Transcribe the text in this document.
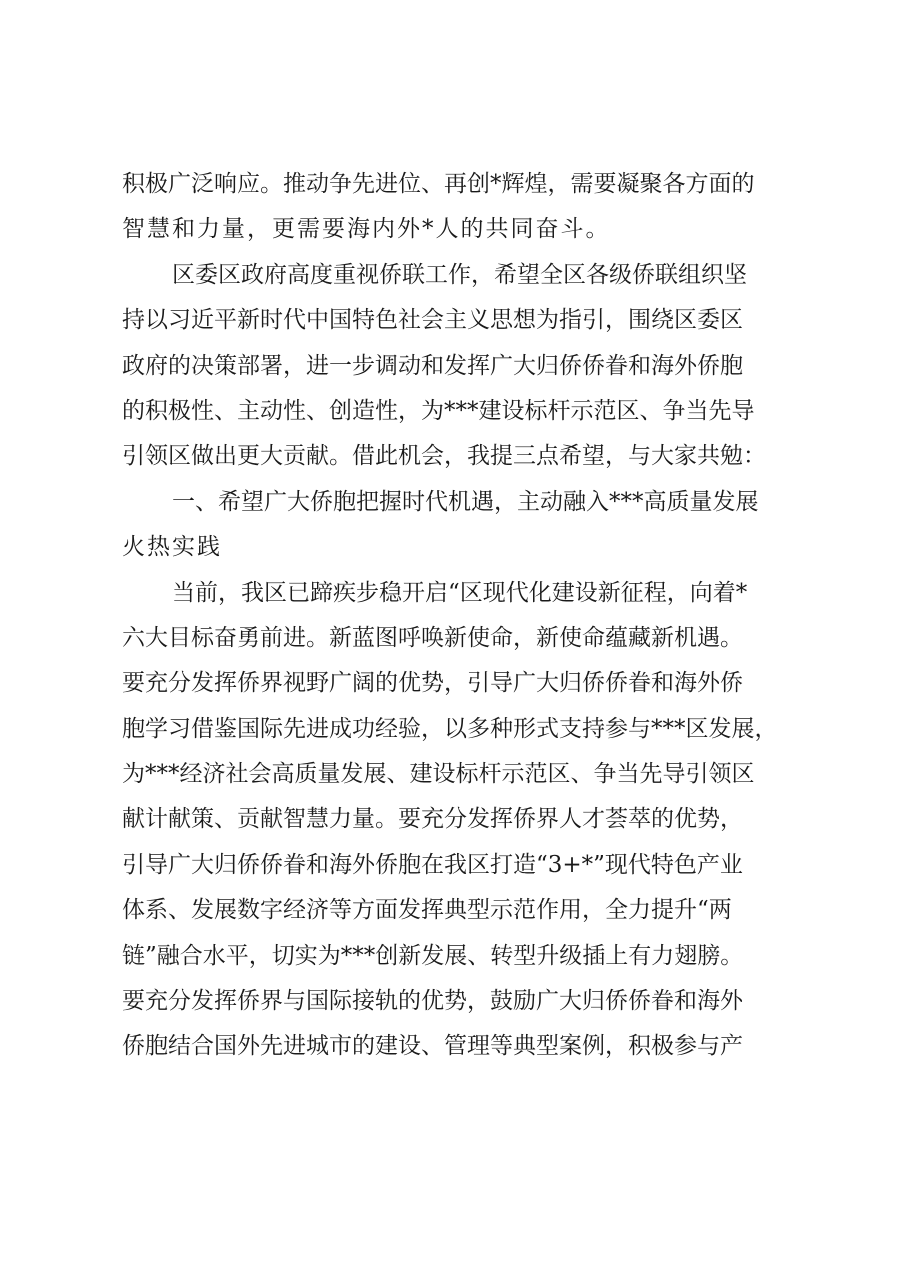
积极广泛响应。推动争先进位、再创*辉煌，需要凝聚各方面的
智慧和力量，更需要海内外*人的共同奋斗。
区委区政府高度重视侨联工作，希望全区各级侨联组织坚
持以习近平新时代中国特色社会主义思想为指引，围绕区委区
政府的决策部署，进一步调动和发挥广大归侨侨眷和海外侨胞
的积极性、主动性、创造性，为***建设标杆示范区、争当先导
引领区做出更大贡献。借此机会，我提三点希望，与大家共勉：
一、希望广大侨胞把握时代机遇，主动融入***高质量发展
火热实践
当前，我区已蹄疾步稳开启“区现代化建设新征程，向着*
六大目标奋勇前进。新蓝图呼唤新使命，新使命蕴藏新机遇。
要充分发挥侨界视野广阔的优势，引导广大归侨侨眷和海外侨
胞学习借鉴国际先进成功经验，以多种形式支持参与***区发展，
为***经济社会高质量发展、建设标杆示范区、争当先导引领区
献计献策、贡献智慧力量。要充分发挥侨界人才荟萃的优势，
引导广大归侨侨眷和海外侨胞在我区打造“3+*”现代特色产业
体系、发展数字经济等方面发挥典型示范作用，全力提升“两
链”融合水平，切实为***创新发展、转型升级插上有力翅膀。
要充分发挥侨界与国际接轨的优势，鼓励广大归侨侨眷和海外
侨胞结合国外先进城市的建设、管理等典型案例，积极参与产
